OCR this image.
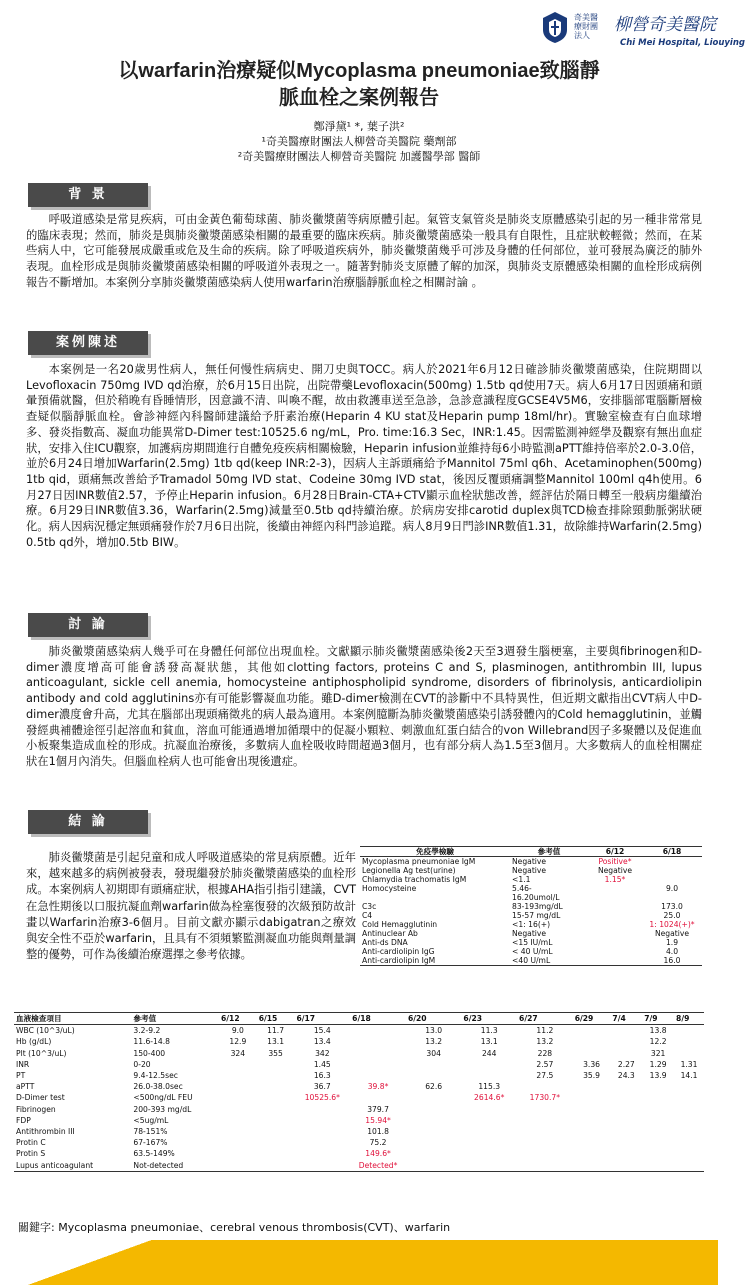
奇美醫療財團法人
柳營奇美醫院
Chi Mei Hospital, Liouying
以warfarin治療疑似Mycoplasma pneumoniae致腦靜
脈血栓之案例報告
鄭淨黛¹ *, 葉子洪²
¹奇美醫療財團法人柳營奇美醫院 藥劑部
²奇美醫療財團法人柳營奇美醫院 加護醫學部 醫師
背 景
呼吸道感染是常見疾病，可由金黃色葡萄球菌、肺炎黴漿菌等病原體引起。氣管支氣管炎是肺炎支原體感染引起的另一種非常常見的臨床表現；然而，肺炎是與肺炎黴漿菌感染相關的最重要的臨床疾病。肺炎黴漿菌感染一般具有自限性，且症狀較輕微；然而，在某些病人中，它可能發展成嚴重或危及生命的疾病。除了呼吸道疾病外，肺炎黴漿菌幾乎可涉及身體的任何部位，並可發展為廣泛的肺外表現。血栓形成是與肺炎黴漿菌感染相關的呼吸道外表現之一。隨著對肺炎支原體了解的加深，與肺炎支原體感染相關的血栓形成病例報告不斷增加。本案例分享肺炎黴漿菌感染病人使用warfarin治療腦靜脈血栓之相關討論 。
案例陳述
本案例是一名20歲男性病人，無任何慢性病病史、開刀史與TOCC。病人於2021年6月12日確診肺炎黴漿菌感染，住院期間以Levofloxacin 750mg IVD qd治療，於6月15日出院，出院帶藥Levofloxacin(500mg) 1.5tb qd使用7天。病人6月17日因頭痛和頭暈預備就醫，但於稍晚有昏睡情形，因意識不清、叫喚不醒，故由救護車送至急診，急診意識程度GCSE4V5M6，安排腦部電腦斷層檢查疑似腦靜脈血栓。會診神經內科醫師建議給予肝素治療(Heparin 4 KU stat及Heparin pump 18ml/hr)。實驗室檢查有白血球增多、發炎指數高、凝血功能異常D-Dimer test:10525.6 ng/mL，Pro. time:16.3 Sec，INR:1.45。因需監測神經學及觀察有無出血症狀，安排入住ICU觀察，加護病房期間進行自體免疫疾病相關檢驗，Heparin infusion並維持每6小時監測aPTT維持倍率於2.0-3.0倍，並於6月24日增加Warfarin(2.5mg) 1tb qd(keep INR:2-3)，因病人主訴頭痛給予Mannitol 75ml q6h、Acetaminophen(500mg) 1tb qid，頭痛無改善給予Tramadol 50mg IVD stat、Codeine 30mg IVD stat，後因反覆頭痛調整Mannitol 100ml q4h使用。6月27日因INR數值2.57，予停止Heparin infusion。6月28日Brain-CTA+CTV顯示血栓狀態改善，經評估於隔日轉至一般病房繼續治療。6月29日INR數值3.36，Warfarin(2.5mg)減量至0.5tb qd持續治療。於病房安排carotid duplex與TCD檢查排除頸動脈粥狀硬化。病人因病況穩定無頭痛發作於7月6日出院，後續由神經內科門診追蹤。病人8月9日門診INR數值1.31，故除維持Warfarin(2.5mg) 0.5tb qd外，增加0.5tb BIW。
討 論
肺炎黴漿菌感染病人幾乎可在身體任何部位出現血栓。文獻顯示肺炎黴漿菌感染後2天至3週發生腦梗塞，主要與fibrinogen和D-dimer濃度增高可能會誘發高凝狀態，其他如clotting factors, proteins C and S, plasminogen, antithrombin III, lupus anticoagulant, sickle cell anemia, homocysteine antiphospholipid syndrome, disorders of fibrinolysis, anticardiolipin antibody and cold agglutinins亦有可能影響凝血功能。雖D-dimer檢測在CVT的診斷中不具特異性，但近期文獻指出CVT病人中D-dimer濃度會升高，尤其在腦部出現頭痛徵兆的病人最為適用。本案例臆斷為肺炎黴漿菌感染引誘發體內的Cold hemagglutinin，並觸發經典補體途徑引起溶血和貧血，溶血可能通過增加循環中的促凝小顆粒、刺激血紅蛋白結合的von Willebrand因子多聚體以及促進血小板聚集造成血栓的形成。抗凝血治療後，多數病人血栓吸收時間超過3個月，也有部分病人為1.5至3個月。大多數病人的血栓相關症狀在1個月內消失。但腦血栓病人也可能會出現後遺症。
結 論
肺炎黴漿菌是引起兒童和成人呼吸道感染的常見病原體。近年來，越來越多的病例被發表，發現繼發於肺炎黴漿菌感染的血栓形成。本案例病人初期即有頭痛症狀，根據AHA指引指引建議，CVT在急性期後以口服抗凝血劑warfarin做為栓塞復發的次級預防故計畫以Warfarin治療3-6個月。目前文獻亦顯示dabigatran之療效與安全性不亞於warfarin，且具有不須頻繁監測凝血功能與劑量調整的優勢，可作為後續治療選擇之參考依據。
免疫學檢驗	參考值	6/12	6/18
Mycoplasma pneumoniae IgM	Negative	Positive*	
Legionella Ag test(urine)	Negative	Negative	
Chlamydia trachomatis IgM	<1.1	1.15*	
Homocysteine	5.46-
16.20umol/L		9.0
C3c	83-193mg/dL		173.0
C4	15-57 mg/dL		25.0
Cold Hemagglutinin	<1: 16(+)		1: 1024(+)*
Antinuclear Ab	Negative		Negative
Anti-ds DNA	<15 IU/mL		1.9
Anti-cardiolipin IgG	< 40 U/mL		4.0
Anti-cardiolipin IgM	<40 U/mL		16.0
血液檢查項目	參考值	6/12	6/15	6/17	6/18	6/20	6/23	6/27	6/29	7/4	7/9	8/9
WBC (10^3/uL)	3.2-9.2	9.0	11.7	15.4		13.0	11.3	11.2			13.8	
Hb (g/dL)	11.6-14.8	12.9	13.1	13.4		13.2	13.1	13.2			12.2	
Plt (10^3/uL)	150-400	324	355	342		304	244	228			321	
INR	0-20			1.45				2.57	3.36	2.27	1.29	1.31
PT	9.4-12.5sec			16.3				27.5	35.9	24.3	13.9	14.1
aPTT	26.0-38.0sec			36.7	39.8*	62.6	115.3					
D-Dimer test	<500ng/dL FEU			10525.6*			2614.6*	1730.7*				
Fibrinogen	200-393 mg/dL				379.7							
FDP	<5ug/mL				15.94*							
Antithrombin III	78-151%				101.8							
Protin C	67-167%				75.2							
Protin S	63.5-149%				149.6*							
Lupus anticoagulant	Not-detected				Detected*							
關鍵字: Mycoplasma pneumoniae、cerebral venous thrombosis(CVT)、warfarin
